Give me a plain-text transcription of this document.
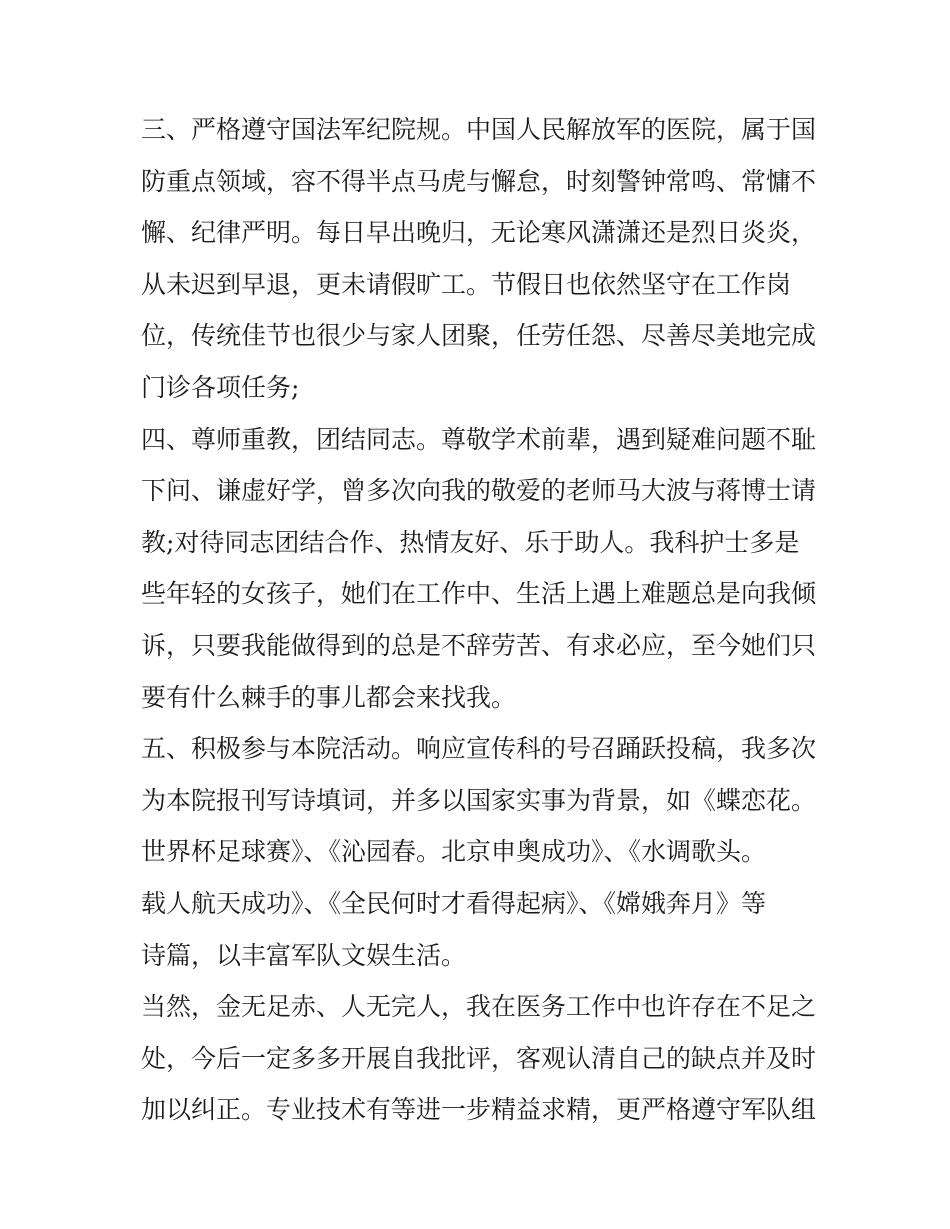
三、严格遵守国法军纪院规。中国人民解放军的医院，属于国
防重点领域，容不得半点马虎与懈怠，时刻警钟常鸣、常慵不
懈、纪律严明。每日早出晚归，无论寒风潇潇还是烈日炎炎，
从未迟到早退，更未请假旷工。节假日也依然坚守在工作岗
位，传统佳节也很少与家人团聚，任劳任怨、尽善尽美地完成
门诊各项任务;
四、尊师重教，团结同志。尊敬学术前辈，遇到疑难问题不耻
下问、谦虚好学，曾多次向我的敬爱的老师马大波与蒋博士请
教;对待同志团结合作、热情友好、乐于助人。我科护士多是
些年轻的女孩子，她们在工作中、生活上遇上难题总是向我倾
诉，只要我能做得到的总是不辞劳苦、有求必应，至今她们只
要有什么棘手的事儿都会来找我。
五、积极参与本院活动。响应宣传科的号召踊跃投稿，我多次
为本院报刊写诗填词，并多以国家实事为背景，如《蝶恋花。
世界杯足球赛》、《沁园春。北京申奥成功》、《水调歌头。
载人航天成功》、《全民何时才看得起病》、《嫦娥奔月》等
诗篇，以丰富军队文娱生活。
当然，金无足赤、人无完人，我在医务工作中也许存在不足之
处，今后一定多多开展自我批评，客观认清自己的缺点并及时
加以纠正。专业技术有等进一步精益求精，更严格遵守军队组
